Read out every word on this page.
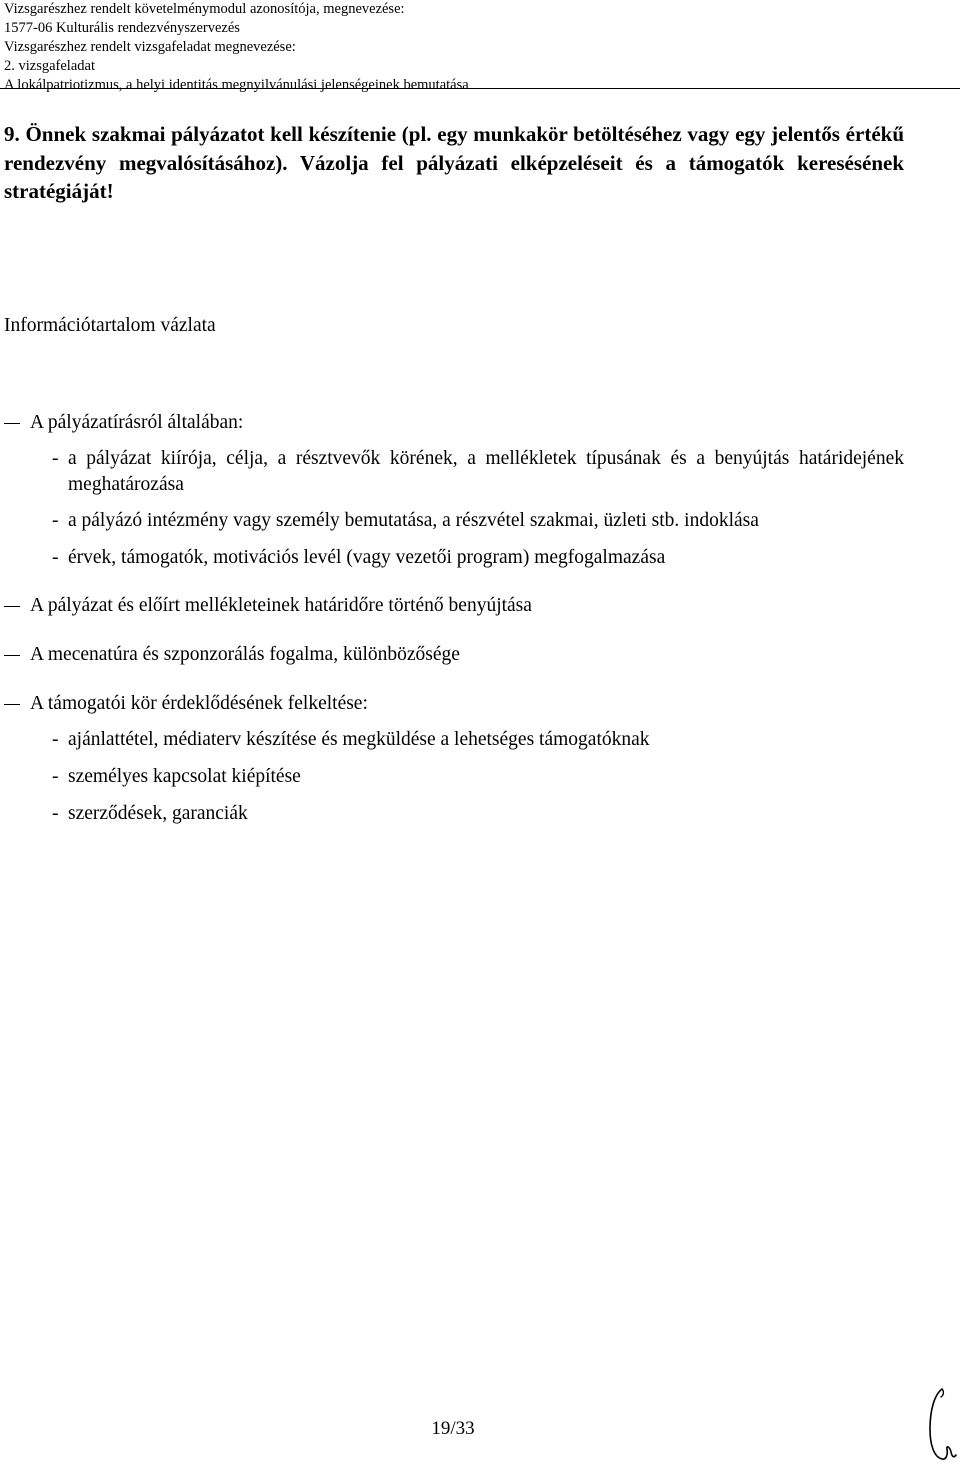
Vizsgarészhez rendelt követelménymodul azonosítója, megnevezése:
1577-06 Kulturális rendezvényszervezés
Vizsgarészhez rendelt vizsgafeladat megnevezése:
2. vizsgafeladat
A lokálpatriotizmus, a helyi identitás megnyilvánulási jelenségeinek bemutatása
9. Önnek szakmai pályázatot kell készítenie (pl. egy munkakör betöltéséhez vagy egy jelentős értékű rendezvény megvalósításához). Vázolja fel pályázati elképzeléseit és a támogatók keresésének stratégiáját!
Információtartalom vázlata
A pályázatírásról általában:
- a pályázat kiírója, célja, a résztvevők körének, a mellékletek típusának és a benyújtás határidejének meghatározása
- a pályázó intézmény vagy személy bemutatása, a részvétel szakmai, üzleti stb. indoklása
- érvek, támogatók, motivációs levél (vagy vezetői program) megfogalmazása
A pályázat és előírt mellékleteinek határidőre történő benyújtása
A mecenatúra és szponzorálás fogalma, különbözősége
A támogatói kör érdeklődésének felkeltése:
- ajánlattétel, médiaterv készítése és megküldése a lehetséges támogatóknak
- személyes kapcsolat kiépítése
- szerződések, garanciák
19/33
